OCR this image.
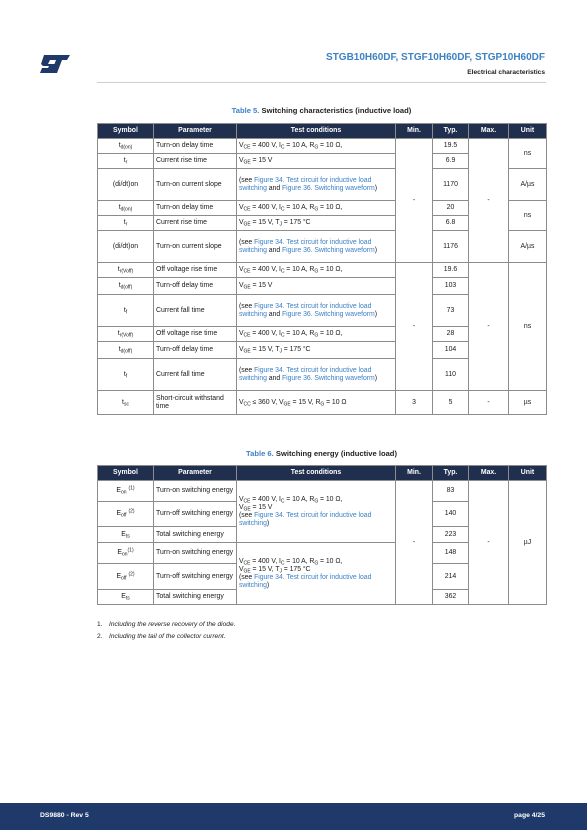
STGB10H60DF, STGF10H60DF, STGP10H60DF
Electrical characteristics
Table 5. Switching characteristics (inductive load)
Symbol	Parameter	Test conditions	Min.	Typ.	Max.	Unit
$t_{d(on)}$	Turn-on delay time	$V_{CE} = 400$ V, $I_C = 10$ A, $R_G = 10$ Ω,	-	19.5	-	ns
$t_r$	Current rise time	$V_{GE} = 15$ V		6.9		
(di/dt)on	Turn-on current slope	(see Figure 34. Test circuit for inductive load switching and Figure 36. Switching waveform)		1170		A/µs
$t_{d(on)}$	Turn-on delay time	$V_{CE} = 400$ V, $I_C = 10$ A, $R_G = 10$ Ω,		20		ns
$t_r$	Current rise time	$V_{GE} = 15$ V, $T_J = 175$ °C		6.8		
(di/dt)on	Turn-on current slope	(see Figure 34. Test circuit for inductive load switching and Figure 36. Switching waveform)		1176		A/µs
$t_{r(Voff)}$	Off voltage rise time	$V_{CE} = 400$ V, $I_C = 10$ A, $R_G = 10$ Ω,	-	19.6	-	ns
$t_{d(off)}$	Turn-off delay time	$V_{GE} = 15$ V		103		
$t_f$	Current fall time	(see Figure 34. Test circuit for inductive load switching and Figure 36. Switching waveform)		73		
$t_{r(Voff)}$	Off voltage rise time	$V_{CE} = 400$ V, $I_C = 10$ A, $R_G = 10$ Ω,		28		
$t_{d(off)}$	Turn-off delay time	$V_{GE} = 15$ V, $T_J = 175$ °C		104		
$t_f$	Current fall time	(see Figure 34. Test circuit for inductive load switching and Figure 36. Switching waveform)		110		
$t_{sc}$	Short-circuit withstand time	$V_{CC} \le 360$ V, $V_{GE} = 15$ V, $R_G = 10$ Ω	3	5	-	µs
Table 6. Switching energy (inductive load)
Symbol	Parameter	Test conditions	Min.	Typ.	Max.	Unit
$E_{on}$ $^{(1)}$	Turn-on switching energy	$V_{CE} = 400$ V, $I_C = 10$ A, $R_G = 10$ Ω,
$V_{GE} = 15$ V
(see Figure 34. Test circuit for inductive load switching)	-	83	-	µJ
$E_{off}$ $^{(2)}$	Turn-off switching energy			140		
$E_{ts}$	Total switching energy			223		
$E_{on}^{(1)}$	Turn-on switching energy	$V_{CE} = 400$ V, $I_C = 10$ A, $R_G = 10$ Ω,
$V_{GE} = 15$ V, $T_J = 175$ °C
(see Figure 34. Test circuit for inductive load switching)		148		
$E_{off}$ $^{(2)}$	Turn-off switching energy			214		
$E_{ts}$	Total switching energy			362		
1. Including the reverse recovery of the diode.
2. Including the tail of the collector current.
DS9880 - Rev 5	page 4/25
